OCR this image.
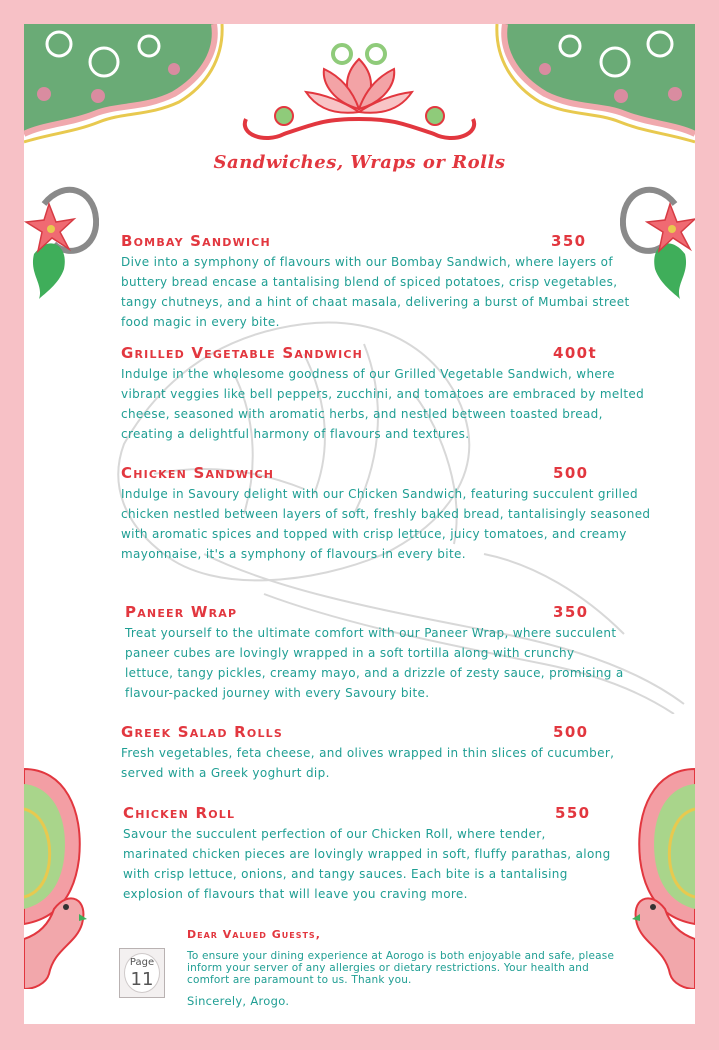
Sandwiches, Wraps or Rolls
Bombay Sandwich	350
Dive into a symphony of flavours with our Bombay Sandwich, where layers of buttery bread encase a tantalising blend of spiced potatoes, crisp vegetables, tangy chutneys, and a hint of chaat masala, delivering a burst of Mumbai street food magic in every bite.
Grilled Vegetable Sandwich	400t
Indulge in the wholesome goodness of our Grilled Vegetable Sandwich, where vibrant veggies like bell peppers, zucchini, and tomatoes are embraced by melted cheese, seasoned with aromatic herbs, and nestled between toasted bread, creating a delightful harmony of flavours and textures.
Chicken Sandwich	500
Indulge in Savoury delight with our Chicken Sandwich, featuring succulent grilled chicken nestled between layers of soft, freshly baked bread, tantalisingly seasoned with aromatic spices and topped with crisp lettuce, juicy tomatoes, and creamy mayonnaise, it's a symphony of flavours in every bite.
Paneer Wrap	350
Treat yourself to the ultimate comfort with our Paneer Wrap, where succulent paneer cubes are lovingly wrapped in a soft tortilla along with crunchy lettuce, tangy pickles, creamy mayo, and a drizzle of zesty sauce, promising a flavour-packed journey with every Savoury bite.
Greek Salad Rolls	500
Fresh vegetables, feta cheese, and olives wrapped in thin slices of cucumber, served with a Greek yoghurt dip.
Chicken Roll	550
Savour the succulent perfection of our Chicken Roll, where tender, marinated chicken pieces are lovingly wrapped in soft, fluffy parathas, along with crisp lettuce, onions, and tangy sauces. Each bite is a tantalising explosion of flavours that will leave you craving more.
Dear Valued Guests,
Page
11
To ensure your dining experience at Aorogo is both enjoyable and safe, please inform your server of any allergies or dietary restrictions. Your health and comfort are paramount to us. Thank you.
Sincerely, Arogo.
